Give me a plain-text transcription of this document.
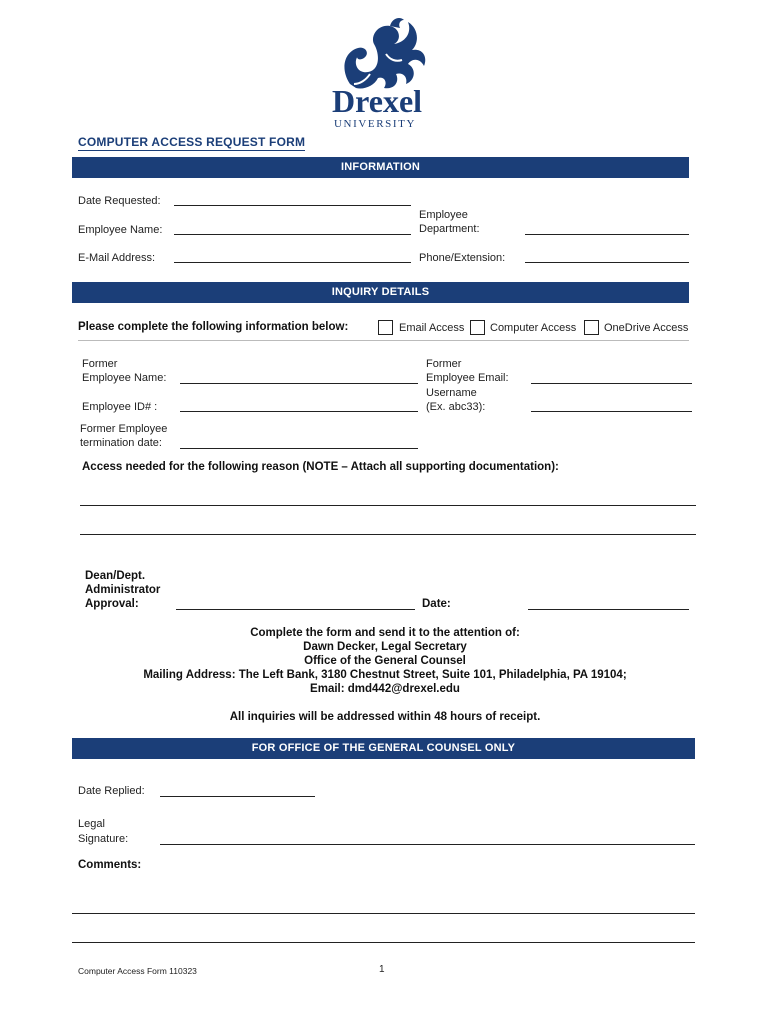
Drexel
UNIVERSITY
COMPUTER ACCESS REQUEST FORM
INFORMATION
Date Requested:
Employee Name:
Employee
Department:
E-Mail Address:	Phone/Extension:
INQUIRY DETAILS
Please complete the following information below:	Email Access Computer Access	OneDrive Access
Former
Employee Name:
Former
Employee Email:
Employee ID# :
Username
(Ex. abc33):
Former Employee
termination date:
Access needed for the following reason (NOTE – Attach all supporting documentation):
Dean/Dept.
Administrator
Approval:	Date:
Complete the form and send it to the attention of:
Dawn Decker, Legal Secretary
Office of the General Counsel
Mailing Address: The Left Bank, 3180 Chestnut Street, Suite 101, Philadelphia, PA 19104;
Email: dmd442@drexel.edu
All inquiries will be addressed within 48 hours of receipt.
FOR OFFICE OF THE GENERAL COUNSEL ONLY
Date Replied:
Legal
Signature:
Comments:
Computer Access Form 110323	1
